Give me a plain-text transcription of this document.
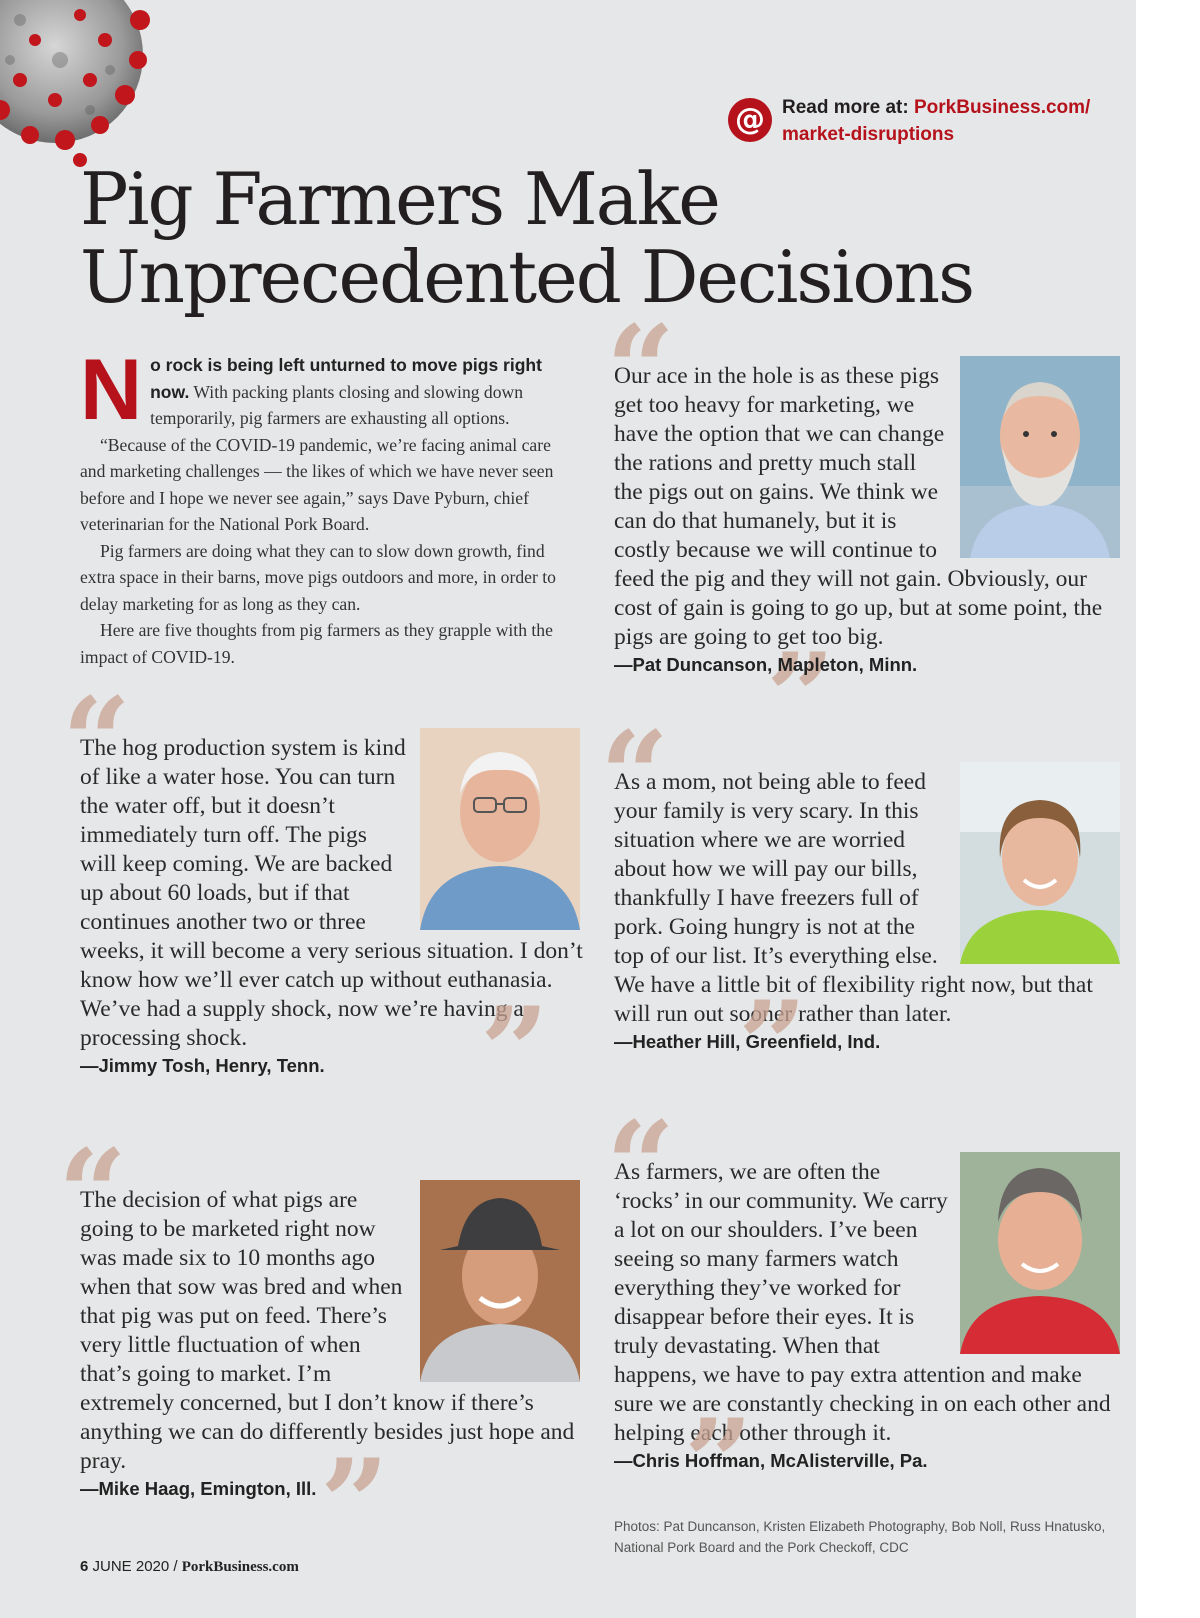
@ Read more at: PorkBusiness.com/
market-disruptions
Pig Farmers Make
Unprecedented Decisions

No rock is being left unturned to move pigs right now. With packing plants closing and slowing down temporarily, pig farmers are exhausting all options.

“Because of the COVID-19 pandemic, we’re facing animal care and marketing challenges — the likes of which we have never seen before and I hope we never see again,” says Dave Pyburn, chief veterinarian for the National Pork Board.

Pig farmers are doing what they can to slow down growth, find extra space in their barns, move pigs outdoors and more, in order to delay marketing for as long as they can.

Here are five thoughts from pig farmers as they grapple with the impact of COVID-19.

“
Our ace in the hole is as these pigs get too heavy for marketing, we have the option that we can change the rations and pretty much stall the pigs out on gains. We think we can do that humanely, but it is costly because we will continue to feed the pig and they will not gain. Obviously, our cost of gain is going to go up, but at some point, the pigs are going to get too big.
”
—Pat Duncanson, Mapleton, Minn.
“
The hog production system is kind of like a water hose. You can turn the water off, but it doesn’t immediately turn off. The pigs will keep coming. We are backed up about 60 loads, but if that continues another two or three weeks, it will become a very serious situation. I don’t know how we’ll ever catch up without euthanasia. We’ve had a supply shock, now we’re having a processing shock.	”
—Jimmy Tosh, Henry, Tenn.
“
As a mom, not being able to feed your family is very scary. In this situation where we are worried about how we will pay our bills, thankfully I have freezers full of pork. Going hungry is not at the top of our list. It’s everything else. We have a little bit of flexibility right now, but that will run out sooner rather than later.
”
—Heather Hill, Greenfield, Ind.
“
The decision of what pigs are going to be marketed right now was made six to 10 months ago when that sow was bred and when that pig was put on feed. There’s very little fluctuation of when that’s going to market. I’m extremely concerned, but I don’t know if there’s anything we can do differently besides just hope and pray.	”
—Mike Haag, Emington, Ill.
“
As farmers, we are often the ‘rocks’ in our community. We carry a lot on our shoulders. I’ve been seeing so many farmers watch everything they’ve worked for disappear before their eyes. It is truly devastating. When that happens, we have to pay extra attention and make sure we are constantly checking in on each other and helping each other through it.
”
—Chris Hoffman, McAlisterville, Pa.
Photos: Pat Duncanson, Kristen Elizabeth Photography, Bob Noll, Russ Hnatusko, National Pork Board and the Pork Checkoff, CDC
6 JUNE 2020 / PorkBusiness.com
